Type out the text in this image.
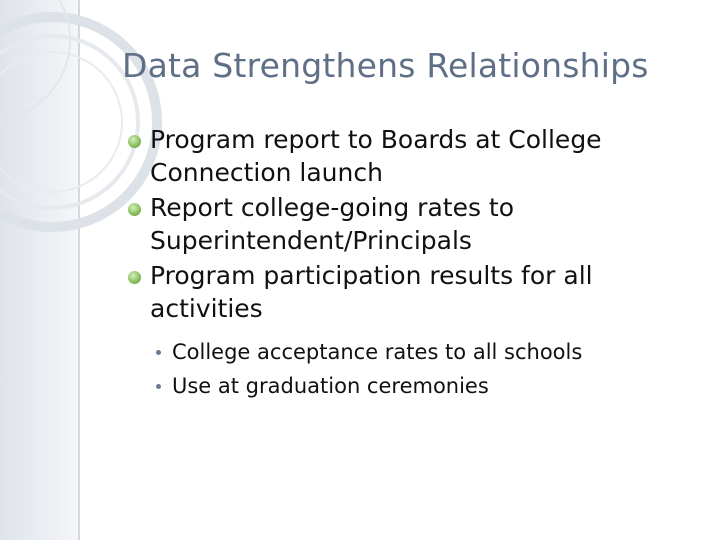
Data Strengthens Relationships
Program report to Boards at College Connection launch
Report college-going rates to Superintendent/Principals
Program participation results for all activities
College acceptance rates to all schools
Use at graduation ceremonies
